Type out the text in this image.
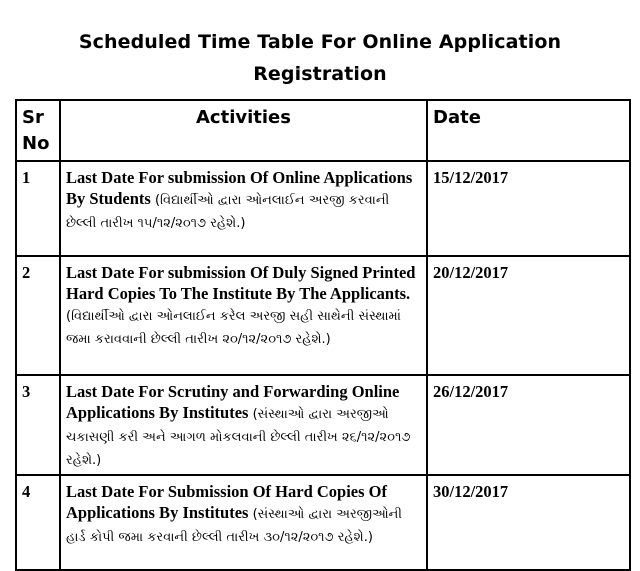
Scheduled Time Table For Online Application
Registration
Sr No	Activities	Date
1	Last Date For submission Of Online Applications By Students (વિદ્યાર્થીઓ દ્વારા ઓનલાઈન અરજી કરવાની છેલ્લી તારીખ ૧૫/૧૨/૨૦૧૭ રહેશે.)	15/12/2017
2	Last Date For submission Of Duly Signed Printed Hard Copies To The Institute By The Applicants. (વિદ્યાર્થીઓ દ્વારા ઓનલાઈન કરેલ અરજી સહી સાથેની સંસ્થામાં જમા કરાવવાની છેલ્લી તારીખ ૨૦/૧૨/૨૦૧૭ રહેશે.)	20/12/2017
3	Last Date For Scrutiny and Forwarding Online Applications By Institutes (સંસ્થાઓ દ્વારા અરજીઓ ચકાસણી કરી અને આગળ મોકલવાની છેલ્લી તારીખ ૨૬/૧૨/૨૦૧૭ રહેશે.)	26/12/2017
4	Last Date For Submission Of Hard Copies Of Applications By Institutes (સંસ્થાઓ દ્વારા અરજીઓની હાર્ડ કોપી જમા કરવાની છેલ્લી તારીખ ૩૦/૧૨/૨૦૧૭ રહેશે.)	30/12/2017
